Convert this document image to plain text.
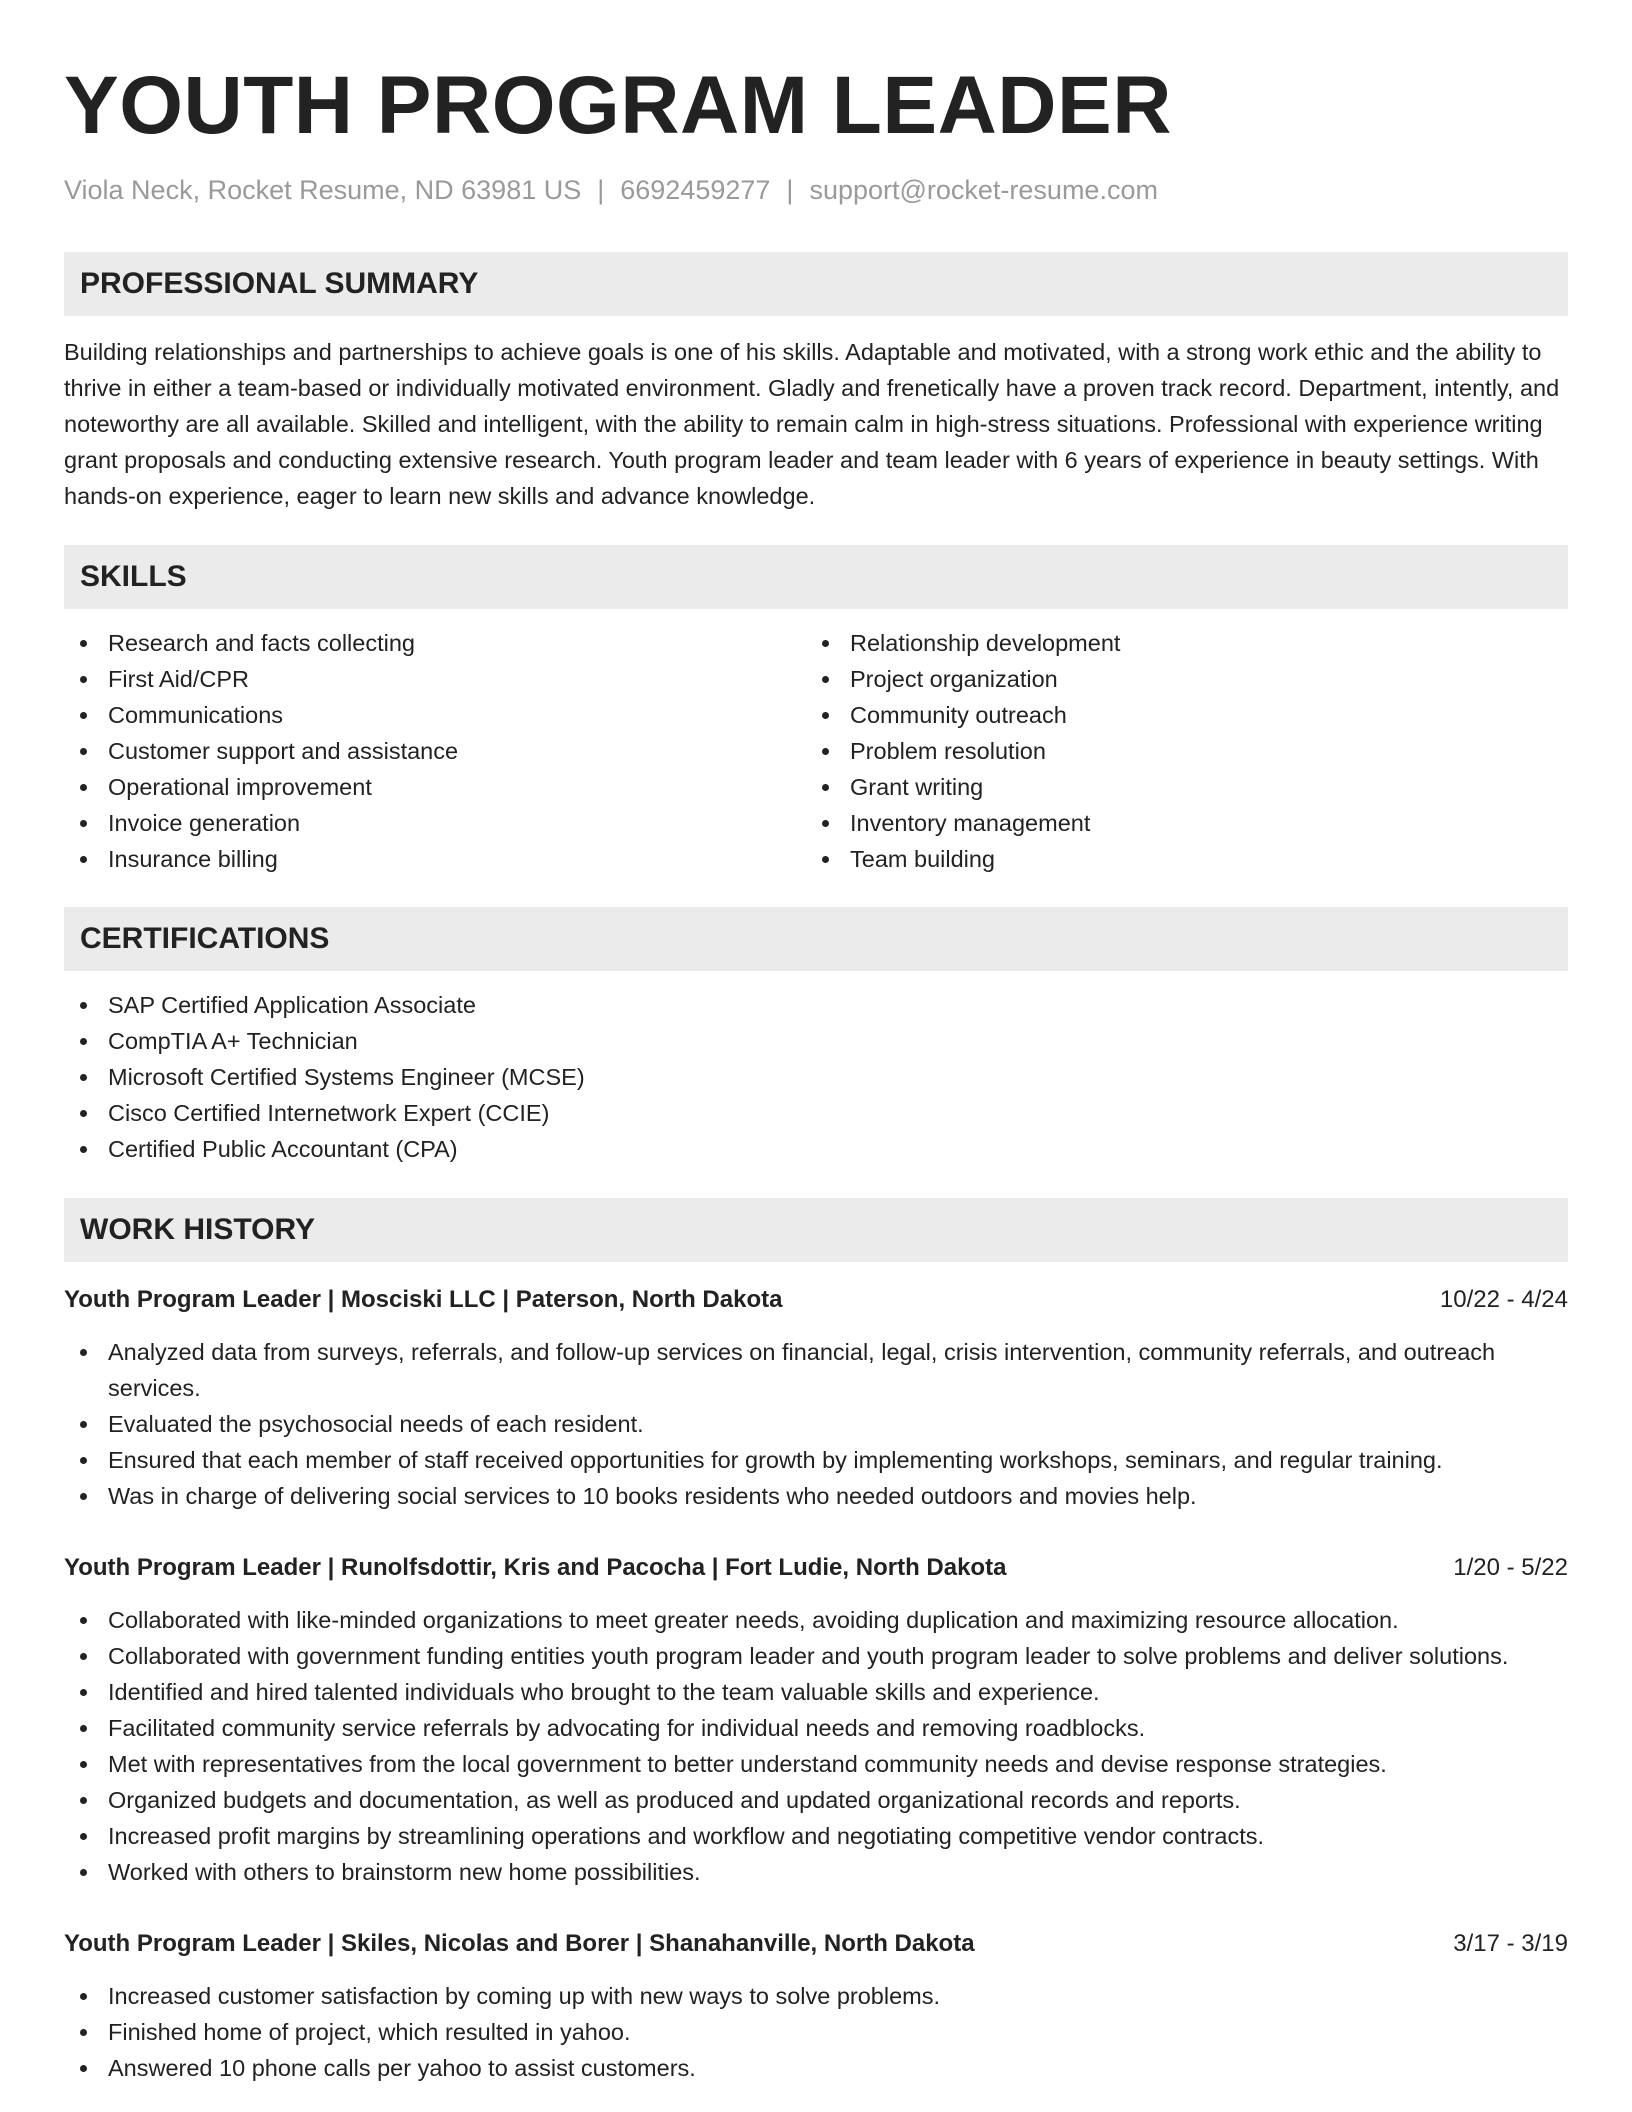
YOUTH PROGRAM LEADER
Viola Neck, Rocket Resume, ND 63981 US | 6692459277 | support@rocket-resume.com
PROFESSIONAL SUMMARY

Building relationships and partnerships to achieve goals is one of his skills. Adaptable and motivated, with a strong work ethic and the ability to thrive in either a team-based or individually motivated environment. Gladly and frenetically have a proven track record. Department, intently, and noteworthy are all available. Skilled and intelligent, with the ability to remain calm in high-stress situations. Professional with experience writing grant proposals and conducting extensive research. Youth program leader and team leader with 6 years of experience in beauty settings. With hands-on experience, eager to learn new skills and advance knowledge.

SKILLS
Research and facts collecting
First Aid/CPR
Communications
Customer support and assistance
Operational improvement
Invoice generation
Insurance billing
Relationship development
Project organization
Community outreach
Problem resolution
Grant writing
Inventory management
Team building
CERTIFICATIONS
SAP Certified Application Associate
CompTIA A+ Technician
Microsoft Certified Systems Engineer (MCSE)
Cisco Certified Internetwork Expert (CCIE)
Certified Public Accountant (CPA)
WORK HISTORY
Youth Program Leader | Mosciski LLC | Paterson, North Dakota	10/22 - 4/24
Analyzed data from surveys, referrals, and follow-up services on financial, legal, crisis intervention, community referrals, and outreach services.
Evaluated the psychosocial needs of each resident.
Ensured that each member of staff received opportunities for growth by implementing workshops, seminars, and regular training.
Was in charge of delivering social services to 10 books residents who needed outdoors and movies help.
Youth Program Leader | Runolfsdottir, Kris and Pacocha | Fort Ludie, North Dakota	1/20 - 5/22
Collaborated with like-minded organizations to meet greater needs, avoiding duplication and maximizing resource allocation.
Collaborated with government funding entities youth program leader and youth program leader to solve problems and deliver solutions.
Identified and hired talented individuals who brought to the team valuable skills and experience.
Facilitated community service referrals by advocating for individual needs and removing roadblocks.
Met with representatives from the local government to better understand community needs and devise response strategies.
Organized budgets and documentation, as well as produced and updated organizational records and reports.
Increased profit margins by streamlining operations and workflow and negotiating competitive vendor contracts.
Worked with others to brainstorm new home possibilities.
Youth Program Leader | Skiles, Nicolas and Borer | Shanahanville, North Dakota	3/17 - 3/19
Increased customer satisfaction by coming up with new ways to solve problems.
Finished home of project, which resulted in yahoo.
Answered 10 phone calls per yahoo to assist customers.
